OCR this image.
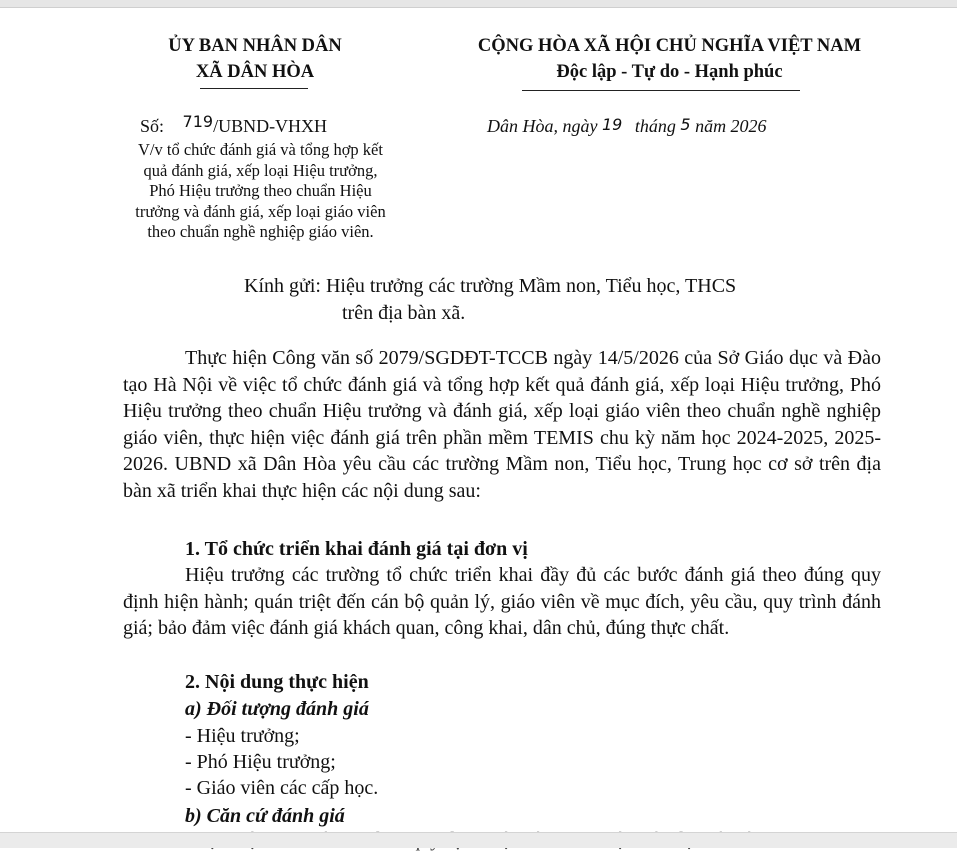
ỦY BAN NHÂN DÂN
XÃ DÂN HÒA
CỘNG HÒA XÃ HỘI CHỦ NGHĨA VIỆT NAM
Độc lập - Tự do - Hạnh phúc
Số: 719/UBND-VHXH	Dân Hòa, ngày 19 tháng 5 năm 2026
V/v tổ chức đánh giá và tổng hợp kết
quả đánh giá, xếp loại Hiệu trưởng,
Phó Hiệu trưởng theo chuẩn Hiệu
trưởng và đánh giá, xếp loại giáo viên
theo chuẩn nghề nghiệp giáo viên.
Kính gửi: Hiệu trưởng các trường Mầm non, Tiểu học, THCS
trên địa bàn xã.
Thực hiện Công văn số 2079/SGDĐT-TCCB ngày 14/5/2026 của Sở Giáo dục và Đào tạo Hà Nội về việc tổ chức đánh giá và tổng hợp kết quả đánh giá, xếp loại Hiệu trưởng, Phó Hiệu trưởng theo chuẩn Hiệu trưởng và đánh giá, xếp loại giáo viên theo chuẩn nghề nghiệp giáo viên, thực hiện việc đánh giá trên phần mềm TEMIS chu kỳ năm học 2024-2025, 2025-2026. UBND xã Dân Hòa yêu cầu các trường Mầm non, Tiểu học, Trung học cơ sở trên địa bàn xã triển khai thực hiện các nội dung sau:
1. Tổ chức triển khai đánh giá tại đơn vị
Hiệu trưởng các trường tổ chức triển khai đầy đủ các bước đánh giá theo đúng quy định hiện hành; quán triệt đến cán bộ quản lý, giáo viên về mục đích, yêu cầu, quy trình đánh giá; bảo đảm việc đánh giá khách quan, công khai, dân chủ, đúng thực chất.
2. Nội dung thực hiện
a) Đối tượng đánh giá
- Hiệu trưởng;
- Phó Hiệu trưởng;
- Giáo viên các cấp học.
b) Căn cứ đánh giá
